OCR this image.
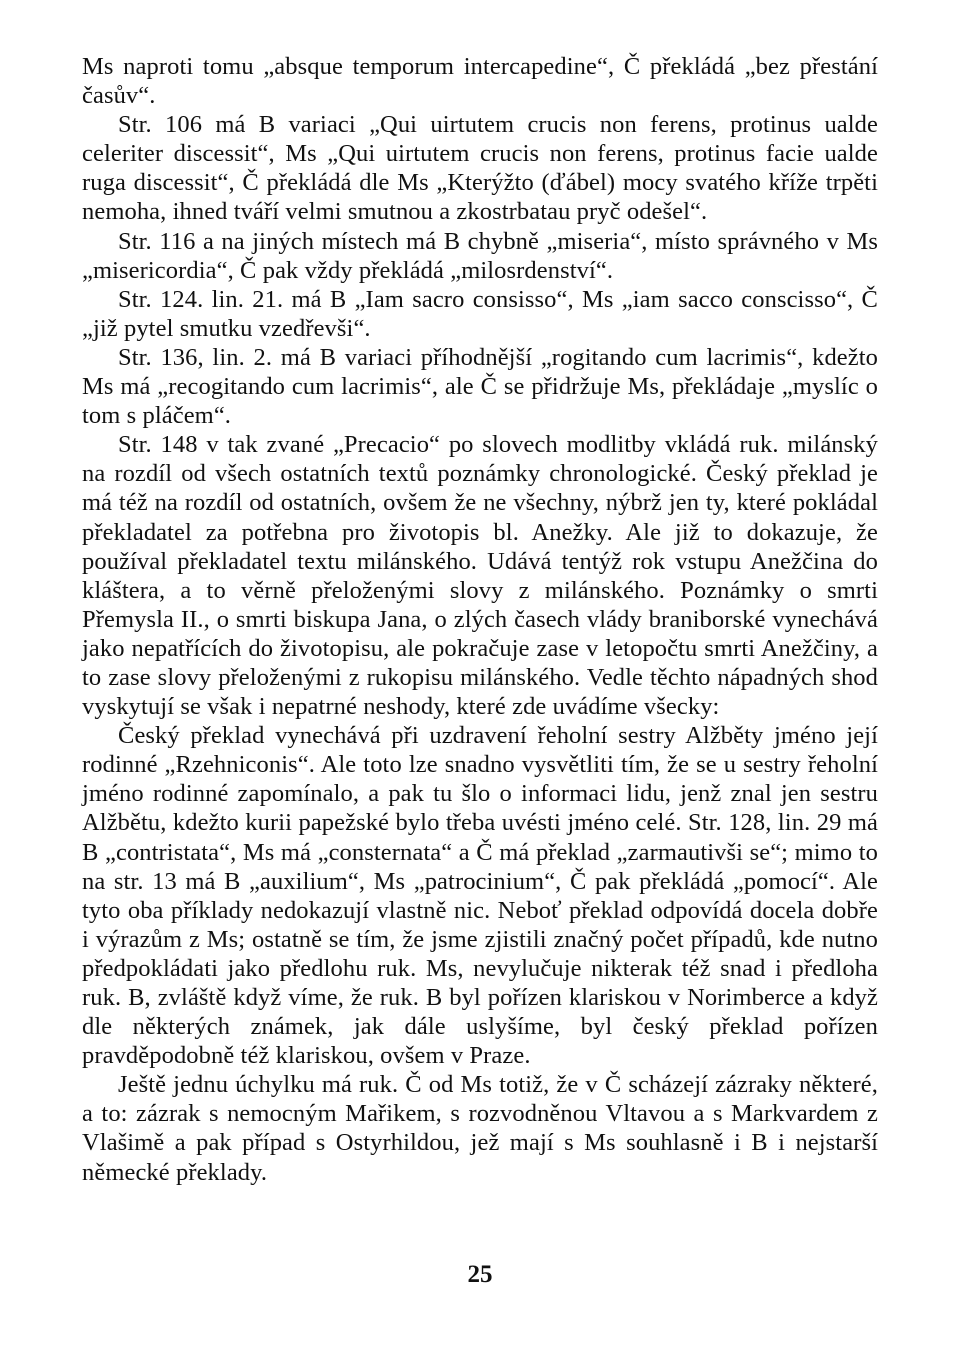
Ms naproti tomu „absque temporum intercapedine“, Č překládá „bez přestání časův“.

Str. 106 má B variaci „Qui uirtutem crucis non ferens, protinus ualde celeriter discessit“, Ms „Qui uirtutem crucis non ferens, protinus facie ualde ruga discessit“, Č překládá dle Ms „Kterýžto (ďábel) mocy svatého kříže trpěti nemoha, ihned tváří velmi smutnou a zkostrbatau pryč odešel“.

Str. 116 a na jiných místech má B chybně „miseria“, místo správného v Ms „misericordia“, Č pak vždy překládá „milosrdenství“.

Str. 124. lin. 21. má B „Iam sacro consisso“, Ms „iam sacco conscisso“, Č „již pytel smutku vzedřevši“.

Str. 136, lin. 2. má B variaci příhodnější „rogitando cum lacrimis“, kdežto Ms má „recogitando cum lacrimis“, ale Č se přidržuje Ms, překládaje „myslíc o tom s pláčem“.

Str. 148 v tak zvané „Precacio“ po slovech modlitby vkládá ruk. milánský na rozdíl od všech ostatních textů poznámky chronologické. Český překlad je má též na rozdíl od ostatních, ovšem že ne všechny, nýbrž jen ty, které pokládal překladatel za potřebna pro životopis bl. Anežky. Ale již to dokazuje, že používal překladatel textu milánského. Udává tentýž rok vstupu Anežčina do kláštera, a to věrně přeloženými slovy z milánského. Poznámky o smrti Přemysla II., o smrti biskupa Jana, o zlých časech vlády braniborské vynechává jako nepatřících do životopisu, ale pokračuje zase v letopočtu smrti Anežčiny, a to zase slovy přeloženými z rukopisu milánského. Vedle těchto nápadných shod vyskytují se však i nepatrné neshody, které zde uvádíme všecky:

Český překlad vynechává při uzdravení řeholní sestry Alžběty jméno její rodinné „Rzehniconis“. Ale toto lze snadno vysvětliti tím, že se u sestry řeholní jméno rodinné zapomínalo, a pak tu šlo o informaci lidu, jenž znal jen sestru Alžbětu, kdežto kurii papežské bylo třeba uvésti jméno celé. Str. 128, lin. 29 má B „contristata“, Ms má „consternata“ a Č má překlad „zarmautivši se“; mimo to na str. 13 má B „auxilium“, Ms „patrocinium“, Č pak překládá „pomocí“. Ale tyto oba příklady nedokazují vlastně nic. Neboť překlad odpovídá docela dobře i výrazům z Ms; ostatně se tím, že jsme zjistili značný počet případů, kde nutno předpokládati jako předlohu ruk. Ms, nevylučuje nikterak též snad i předloha ruk. B, zvláště když víme, že ruk. B byl pořízen klariskou v Norimberce a když dle některých známek, jak dále uslyšíme, byl český překlad pořízen pravděpodobně též klariskou, ovšem v Praze.

Ještě jednu úchylku má ruk. Č od Ms totiž, že v Č scházejí zázraky některé, a to: zázrak s nemocným Mařikem, s rozvodněnou Vltavou a s Markvardem z Vlašimě a pak případ s Ostyrhildou, jež mají s Ms souhlasně i B i nejstarší německé překlady.

25
